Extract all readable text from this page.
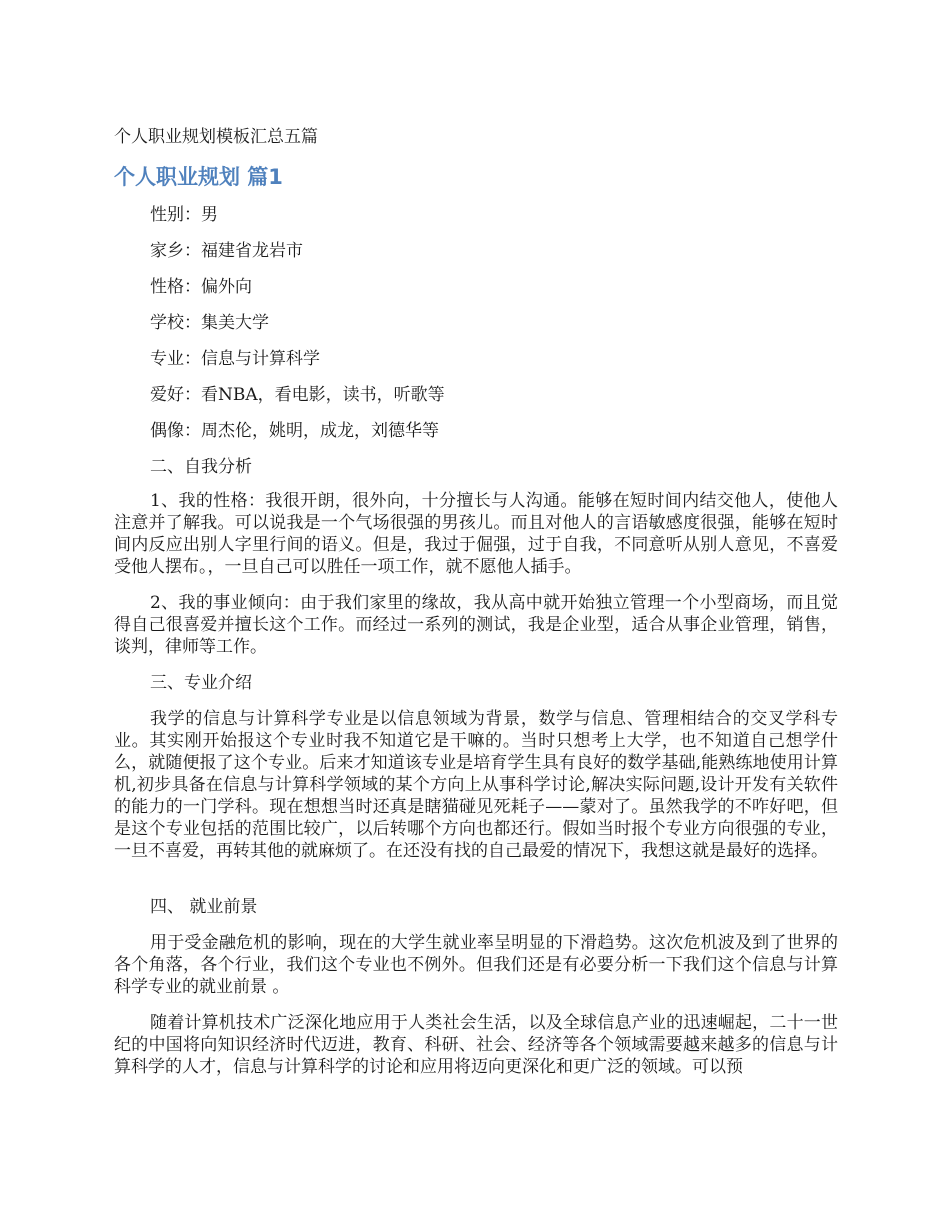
个人职业规划模板汇总五篇
个人职业规划 篇1
性别：男
家乡：福建省龙岩市
性格：偏外向
学校：集美大学
专业：信息与计算科学
爱好：看NBA，看电影，读书，听歌等
偶像：周杰伦，姚明，成龙，刘德华等
二、自我分析
1、我的性格：我很开朗，很外向，十分擅长与人沟通。能够在短时间内结交他人，使他人注意并了解我。可以说我是一个气场很强的男孩儿。而且对他人的言语敏感度很强，能够在短时间内反应出别人字里行间的语义。但是，我过于倔强，过于自我，不同意听从别人意见，不喜爱受他人摆布。，一旦自己可以胜任一项工作，就不愿他人插手。
2、我的事业倾向：由于我们家里的缘故，我从高中就开始独立管理一个小型商场，而且觉得自己很喜爱并擅长这个工作。而经过一系列的测试，我是企业型，适合从事企业管理，销售，谈判，律师等工作。
三、专业介绍
我学的信息与计算科学专业是以信息领域为背景，数学与信息、管理相结合的交叉学科专业。其实刚开始报这个专业时我不知道它是干嘛的。当时只想考上大学，也不知道自己想学什么，就随便报了这个专业。后来才知道该专业是培育学生具有良好的数学基础,能熟练地使用计算机,初步具备在信息与计算科学领域的某个方向上从事科学讨论,解决实际问题,设计开发有关软件的能力的一门学科。现在想想当时还真是瞎猫碰见死耗子——蒙对了。虽然我学的不咋好吧，但是这个专业包括的范围比较广，以后转哪个方向也都还行。假如当时报个专业方向很强的专业，一旦不喜爱，再转其他的就麻烦了。在还没有找的自己最爱的情况下，我想这就是最好的选择。
四、 就业前景
用于受金融危机的影响，现在的大学生就业率呈明显的下滑趋势。这次危机波及到了世界的各个角落，各个行业，我们这个专业也不例外。但我们还是有必要分析一下我们这个信息与计算科学专业的就业前景 。
随着计算机技术广泛深化地应用于人类社会生活，以及全球信息产业的迅速崛起，二十一世纪的中国将向知识经济时代迈进，教育、科研、社会、经济等各个领域需要越来越多的信息与计算科学的人才，信息与计算科学的讨论和应用将迈向更深化和更广泛的领域。可以预
